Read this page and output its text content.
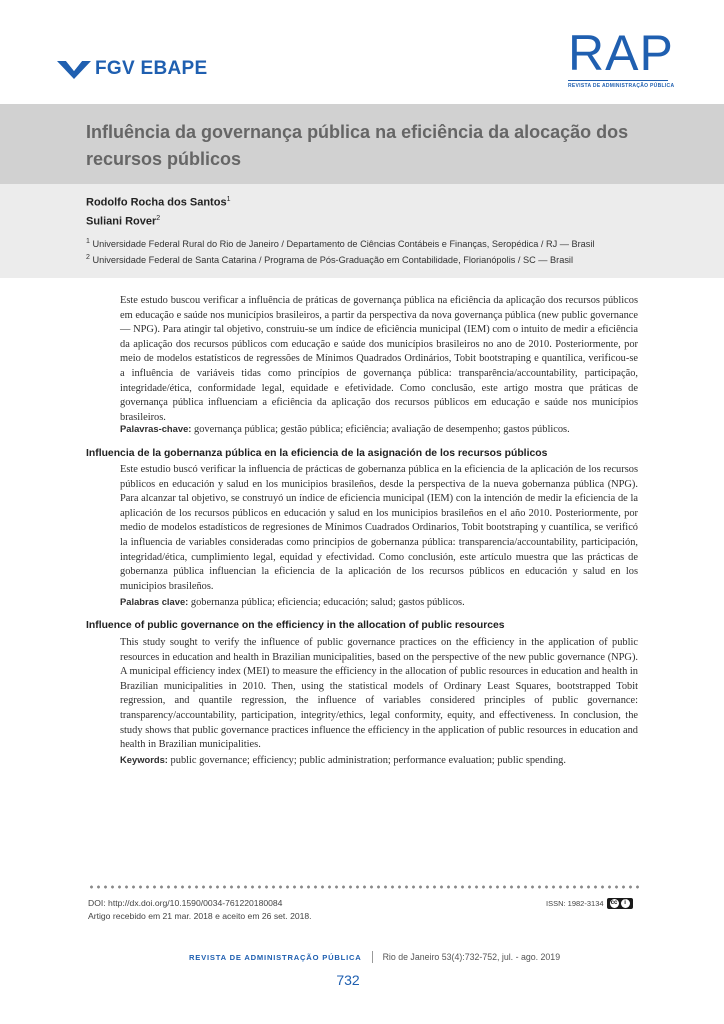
FGV EBAPE	RAP
REVISTA DE ADMINISTRAÇÃO PÚBLICA
Influência da governança pública na eficiência da alocação dos
recursos públicos
Rodolfo Rocha dos Santos$^1$
Suliani Rover$^2$
$^1$ Universidade Federal Rural do Rio de Janeiro / Departamento de Ciências Contábeis e Finanças, Seropédica / RJ — Brasil
$^2$ Universidade Federal de Santa Catarina / Programa de Pós-Graduação em Contabilidade, Florianópolis / SC — Brasil
Este estudo buscou verificar a influência de práticas de governança pública na eficiência da aplicação dos recursos públicos em educação e saúde nos municípios brasileiros, a partir da perspectiva da nova governança pública (new public governance — NPG). Para atingir tal objetivo, construiu-se um índice de eficiência municipal (IEM) com o intuito de medir a eficiência da aplicação dos recursos públicos com educação e saúde dos municípios brasileiros no ano de 2010. Posteriormente, por meio de modelos estatísticos de regressões de Mínimos Quadrados Ordinários, Tobit bootstraping e quantílica, verificou-se a influência de variáveis tidas como princípios de governança pública: transparência/accountability, participação, integridade/ética, conformidade legal, equidade e efetividade. Como conclusão, este artigo mostra que práticas de governança pública influenciam a eficiência da aplicação dos recursos públicos em educação e saúde nos municípios brasileiros.
Palavras-chave: governança pública; gestão pública; eficiência; avaliação de desempenho; gastos públicos.
Influencia de la gobernanza pública en la eficiencia de la asignación de los recursos públicos
Este estudio buscó verificar la influencia de prácticas de gobernanza pública en la eficiencia de la aplicación de los recursos públicos en educación y salud en los municipios brasileños, desde la perspectiva de la nueva gobernanza pública (NPG). Para alcanzar tal objetivo, se construyó un índice de eficiencia municipal (IEM) con la intención de medir la eficiencia de la aplicación de los recursos públicos en educación y salud en los municipios brasileños en el año 2010. Posteriormente, por medio de modelos estadísticos de regresiones de Mínimos Cuadrados Ordinarios, Tobit bootstraping y cuantílica, se verificó la influencia de variables consideradas como principios de gobernanza pública: transparencia/accountability, participación, integridad/ética, cumplimiento legal, equidad y efectividad. Como conclusión, este artículo muestra que las prácticas de gobernanza pública influencian la eficiencia de la aplicación de los recursos públicos en educación y salud en los municipios brasileños.
Palabras clave: gobernanza pública; eficiencia; educación; salud; gastos públicos.
Influence of public governance on the efficiency in the allocation of public resources
This study sought to verify the influence of public governance practices on the efficiency in the application of public resources in education and health in Brazilian municipalities, based on the perspective of the new public governance (NPG). A municipal efficiency index (MEI) to measure the efficiency in the allocation of public resources in education and health in Brazilian municipalities in 2010. Then, using the statistical models of Ordinary Least Squares, bootstrapped Tobit regression, and quantile regression, the influence of variables considered principles of public governance: transparency/accountability, participation, integrity/ethics, legal conformity, equity, and effectiveness. In conclusion, the study shows that public governance practices influence the efficiency in the application of public resources in education and health in Brazilian municipalities.
Keywords: public governance; efficiency; public administration; performance evaluation; public spending.
DOI: http://dx.doi.org/10.1590/0034-761220180084
Artigo recebido em 21 mar. 2018 e aceito em 26 set. 2018.
ISSN: 1982-3134 cc	i
REVISTA DE ADMINISTRAÇÃO PÚBLICA Rio de Janeiro 53(4):732-752, jul. - ago. 2019
732
